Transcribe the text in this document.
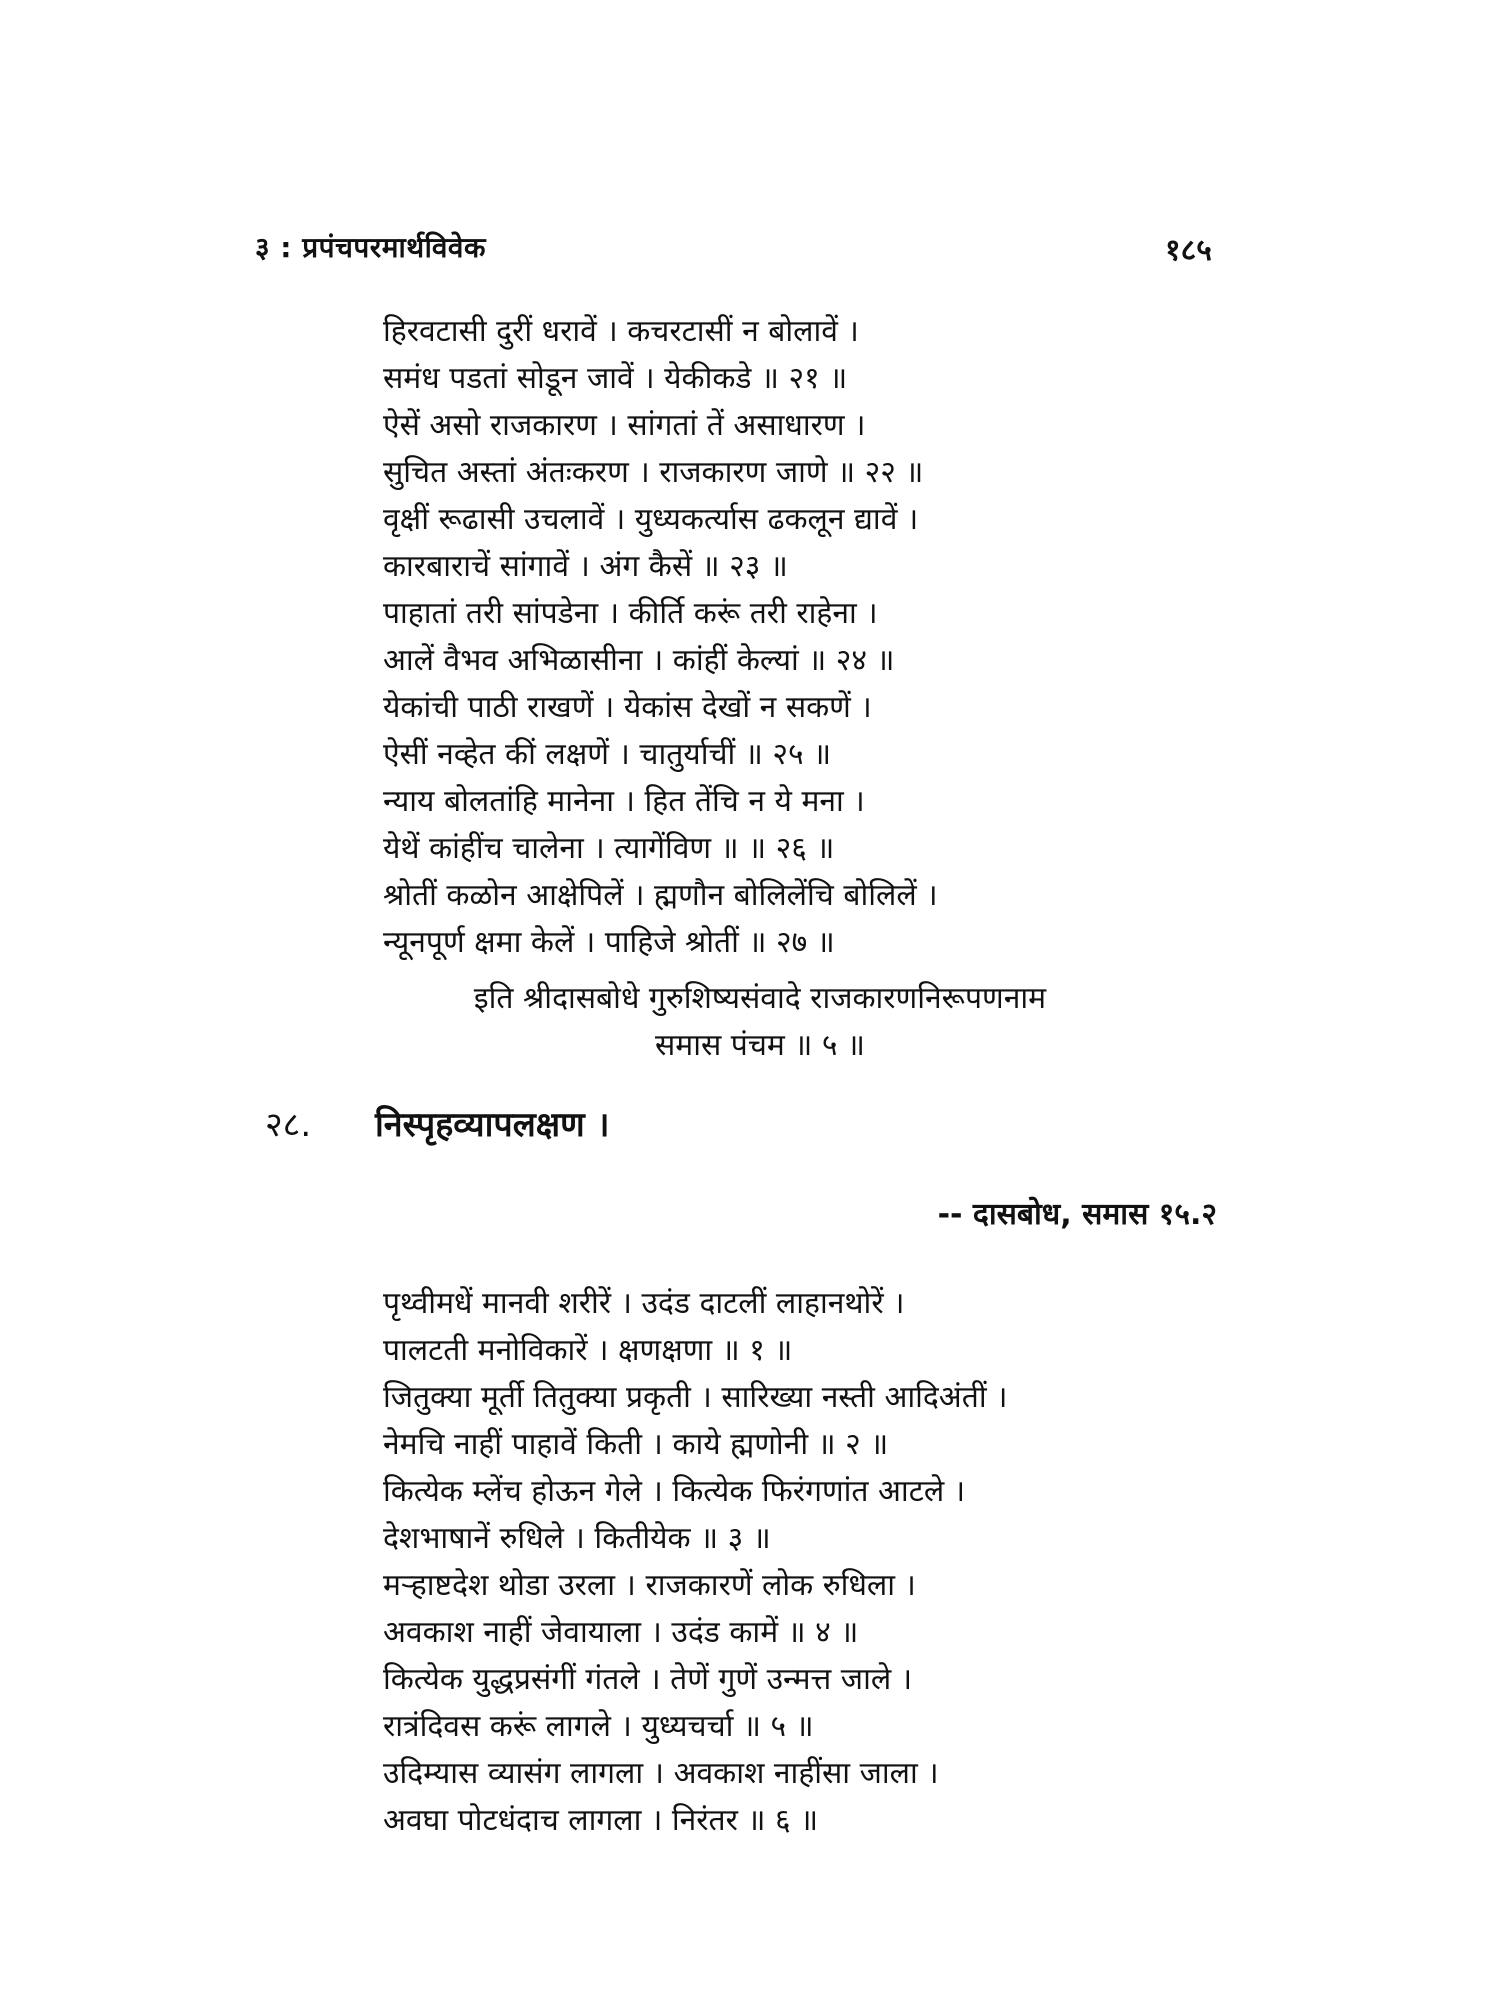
३ : प्रपंचपरमार्थविवेक	१८५
हिरवटासी दुरीं धरावें । कचरटासीं न बोलावें ।
समंध पडतां सोडून जावें । येकीकडे ॥ २१ ॥
ऐसें असो राजकारण । सांगतां तें असाधारण ।
सुचित अस्तां अंतःकरण । राजकारण जाणे ॥ २२ ॥
वृक्षीं रूढासी उचलावें । युध्यकर्त्यास ढकलून द्यावें ।
कारबाराचें सांगावें । अंग कैसें ॥ २३ ॥
पाहातां तरी सांपडेना । कीर्ति करूं तरी राहेना ।
आलें वैभव अभिळासीना । कांहीं केल्यां ॥ २४ ॥
येकांची पाठी राखणें । येकांस देखों न सकणें ।
ऐसीं नव्हेत कीं लक्षणें । चातुर्याचीं ॥ २५ ॥
न्याय बोलतांहि मानेना । हित तेंचि न ये मना ।
येथें कांहींच चालेना । त्यागेंविण ॥ ॥ २६ ॥
श्रोतीं कळोन आक्षेपिलें । ह्मणौन बोलिलेंचि बोलिलें ।
न्यूनपूर्ण क्षमा केलें । पाहिजे श्रोतीं ॥ २७ ॥
इति श्रीदासबोधे गुरुशिष्यसंवादे राजकारणनिरूपणनाम
समास पंचम ॥ ५ ॥
२८. निस्पृहव्यापलक्षण ।
-- दासबोध, समास १५.२
पृथ्वीमधें मानवी शरीरें । उदंड दाटलीं लाहानथोरें ।
पालटती मनोविकारें । क्षणक्षणा ॥ १ ॥
जितुक्या मूर्ती तितुक्या प्रकृती । सारिख्या नस्ती आदिअंतीं ।
नेमचि नाहीं पाहावें किती । काये ह्मणोनी ॥ २ ॥
कित्येक म्लेंच होऊन गेले । कित्येक फिरंगणांत आटले ।
देशभाषानें रुधिले । कितीयेक ॥ ३ ॥
मऱ्हाष्टदेश थोडा उरला । राजकारणें लोक रुधिला ।
अवकाश नाहीं जेवायाला । उदंड कामें ॥ ४ ॥
कित्येक युद्धप्रसंगीं गंतले । तेणें गुणें उन्मत्त जाले ।
रात्रंदिवस करूं लागले । युध्यचर्चा ॥ ५ ॥
उदिम्यास व्यासंग लागला । अवकाश नाहींसा जाला ।
अवघा पोटधंदाच लागला । निरंतर ॥ ६ ॥
